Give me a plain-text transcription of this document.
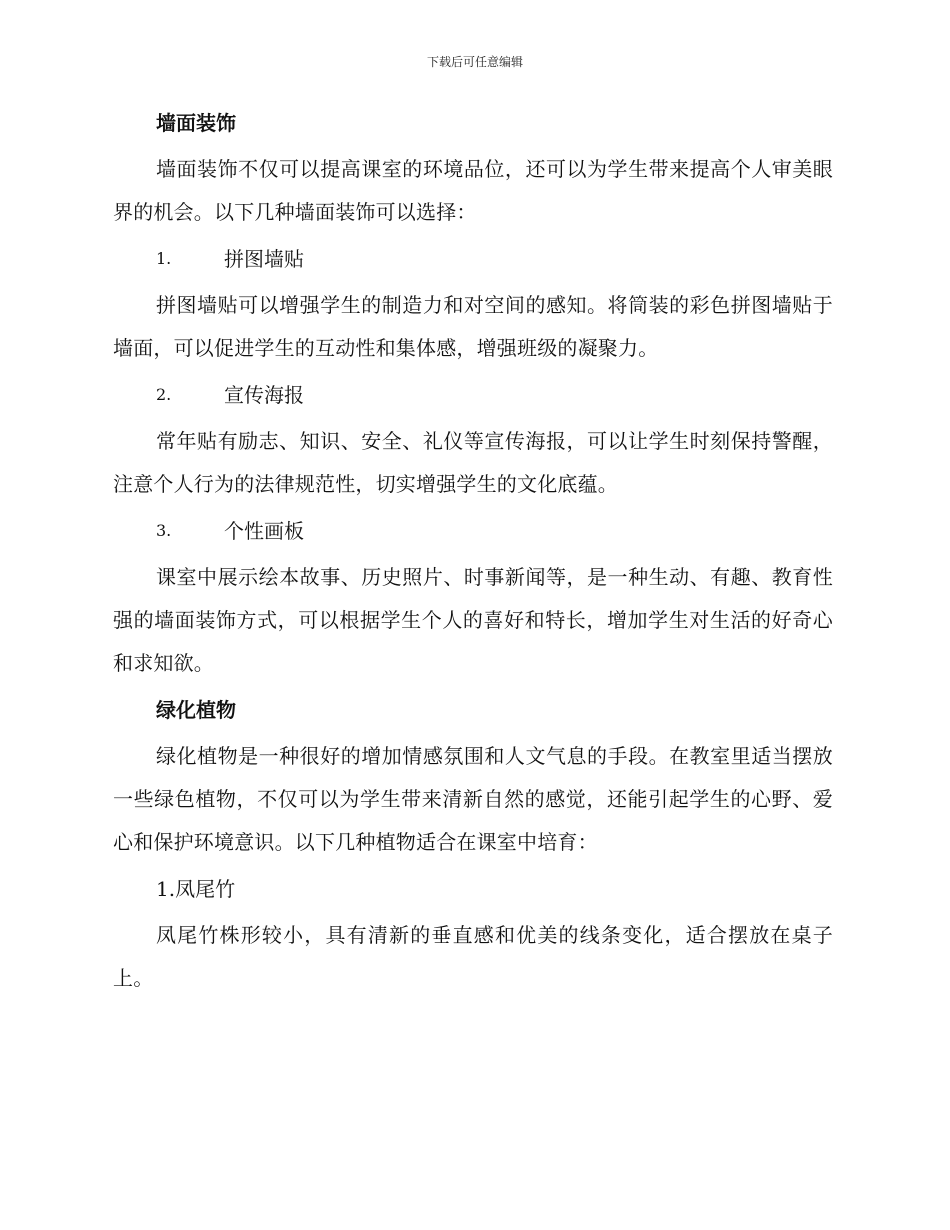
下载后可任意编辑

墙面装饰

墙面装饰不仅可以提高课室的环境品位，还可以为学生带来提高个人审美眼界的机会。以下几种墙面装饰可以选择：

1.	拼图墙贴

拼图墙贴可以增强学生的制造力和对空间的感知。将筒装的彩色拼图墙贴于墙面，可以促进学生的互动性和集体感，增强班级的凝聚力。

2.	宣传海报

常年贴有励志、知识、安全、礼仪等宣传海报，可以让学生时刻保持警醒，注意个人行为的法律规范性，切实增强学生的文化底蕴。

3.	个性画板

课室中展示绘本故事、历史照片、时事新闻等，是一种生动、有趣、教育性强的墙面装饰方式，可以根据学生个人的喜好和特长，增加学生对生活的好奇心和求知欲。

绿化植物

绿化植物是一种很好的增加情感氛围和人文气息的手段。在教室里适当摆放一些绿色植物，不仅可以为学生带来清新自然的感觉，还能引起学生的心野、爱心和保护环境意识。以下几种植物适合在课室中培育：

1.凤尾竹

凤尾竹株形较小，具有清新的垂直感和优美的线条变化，适合摆放在桌子上。
